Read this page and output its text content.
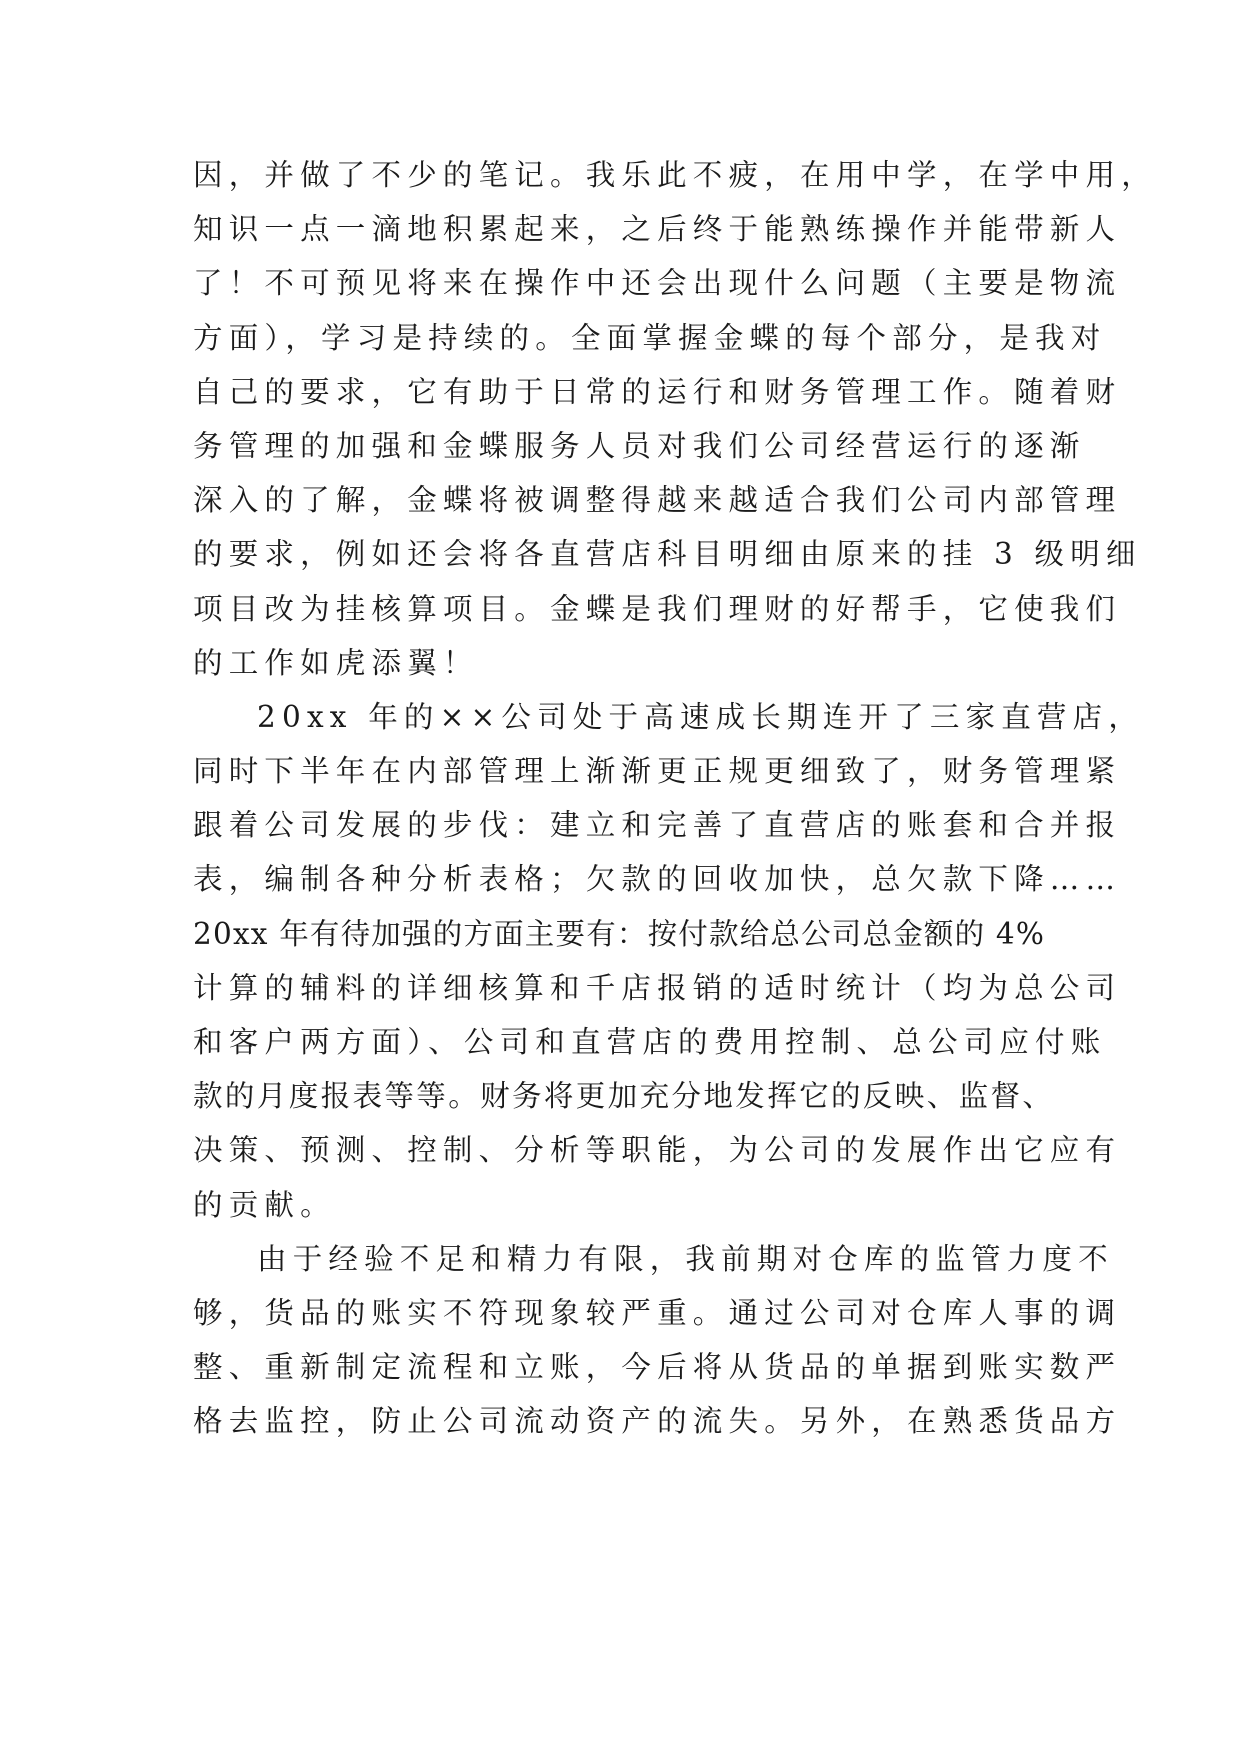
因，并做了不少的笔记。我乐此不疲，在用中学，在学中用，
知识一点一滴地积累起来，之后终于能熟练操作并能带新人
了！不可预见将来在操作中还会出现什么问题（主要是物流
方面），学习是持续的。全面掌握金蝶的每个部分，是我对
自己的要求，它有助于日常的运行和财务管理工作。随着财
务管理的加强和金蝶服务人员对我们公司经营运行的逐渐
深入的了解，金蝶将被调整得越来越适合我们公司内部管理
的要求，例如还会将各直营店科目明细由原来的挂 3 级明细
项目改为挂核算项目。金蝶是我们理财的好帮手，它使我们
的工作如虎添翼！
20xx 年的××公司处于高速成长期连开了三家直营店，
同时下半年在内部管理上渐渐更正规更细致了，财务管理紧
跟着公司发展的步伐：建立和完善了直营店的账套和合并报
表，编制各种分析表格；欠款的回收加快，总欠款下降……
20xx 年有待加强的方面主要有：按付款给总公司总金额的 4%
计算的辅料的详细核算和千店报销的适时统计（均为总公司
和客户两方面）、公司和直营店的费用控制、总公司应付账
款的月度报表等等。财务将更加充分地发挥它的反映、监督、
决策、预测、控制、分析等职能，为公司的发展作出它应有
的贡献。
由于经验不足和精力有限，我前期对仓库的监管力度不
够，货品的账实不符现象较严重。通过公司对仓库人事的调
整、重新制定流程和立账，今后将从货品的单据到账实数严
格去监控，防止公司流动资产的流失。另外，在熟悉货品方
